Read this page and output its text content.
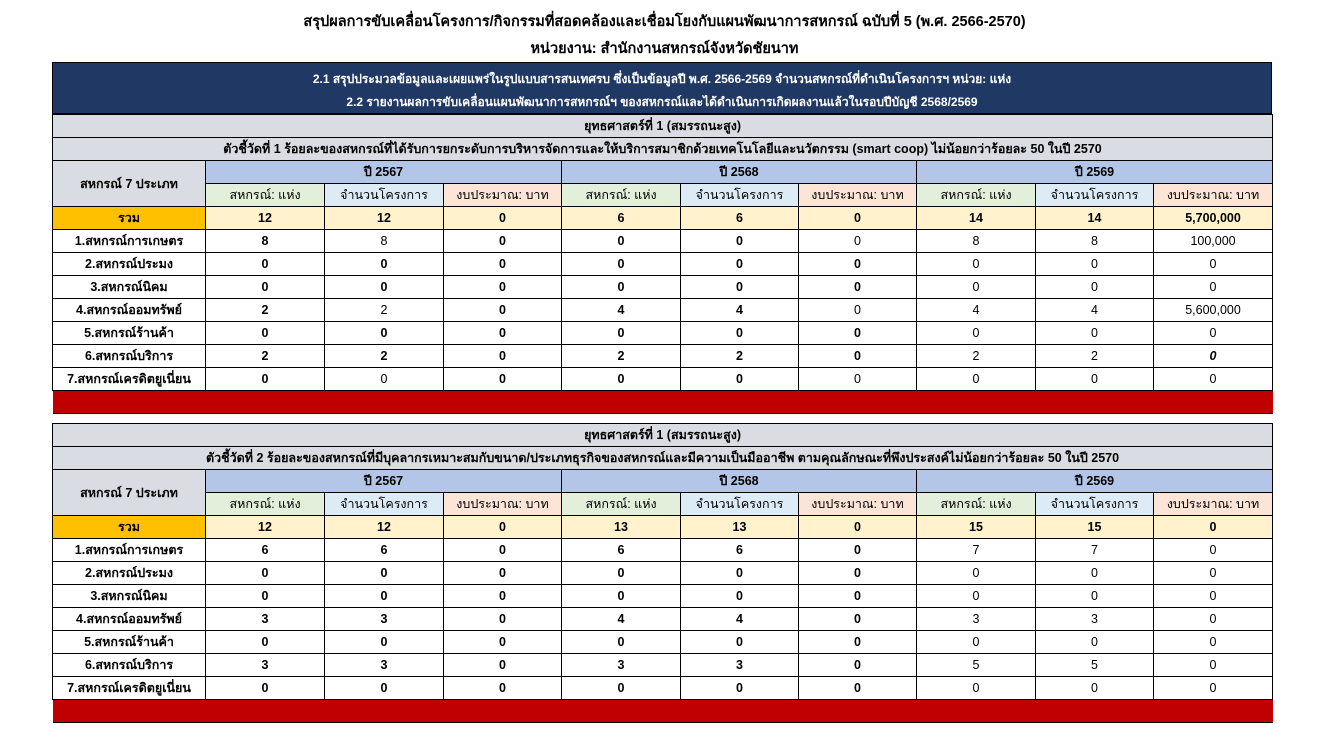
สรุปผลการขับเคลื่อนโครงการ/กิจกรรมที่สอดคล้องและเชื่อมโยงกับแผนพัฒนาการสหกรณ์ ฉบับที่ 5 (พ.ศ. 2566-2570)
หน่วยงาน: สำนักงานสหกรณ์จังหวัดชัยนาท
2.1 สรุปประมวลข้อมูลและเผยแพร่ในรูปแบบสารสนเทศรบ ซึ่งเป็นข้อมูลปี พ.ศ. 2566-2569 จำนวนสหกรณ์ที่ดำเนินโครงการฯ หน่วย: แห่ง
2.2 รายงานผลการขับเคลื่อนแผนพัฒนาการสหกรณ์ฯ ของสหกรณ์และได้ดำเนินการเกิดผลงานแล้วในรอบปีบัญชี 2568/2569
ยุทธศาสตร์ที่ 1 (สมรรถนะสูง)									
ตัวชี้วัดที่ 1 ร้อยละของสหกรณ์ที่ได้รับการยกระดับการบริหารจัดการและให้บริการสมาชิกด้วยเทคโนโลยีและนวัตกรรม (smart coop) ไม่น้อยกว่าร้อยละ 50 ในปี 2570									
สหกรณ์ 7 ประเภท	ปี 2567			ปี 2568			ปี 2569		
	สหกรณ์: แห่ง	จำนวนโครงการ	งบประมาณ: บาท	สหกรณ์: แห่ง	จำนวนโครงการ	งบประมาณ: บาท	สหกรณ์: แห่ง	จำนวนโครงการ	งบประมาณ: บาท
รวม	12	12	0	6	6	0	14	14	5,700,000
1.สหกรณ์การเกษตร	8	8	0	0	0	0	8	8	100,000
2.สหกรณ์ประมง	0	0	0	0	0	0	0	0	0
3.สหกรณ์นิคม	0	0	0	0	0	0	0	0	0
4.สหกรณ์ออมทรัพย์	2	2	0	4	4	0	4	4	5,600,000
5.สหกรณ์ร้านค้า	0	0	0	0	0	0	0	0	0
6.สหกรณ์บริการ	2	2	0	2	2	0	2	2	0
7.สหกรณ์เครดิตยูเนี่ยน	0	0	0	0	0	0	0	0	0

ยุทธศาสตร์ที่ 1 (สมรรถนะสูง)									
ตัวชี้วัดที่ 2 ร้อยละของสหกรณ์ที่มีบุคลากรเหมาะสมกับขนาด/ประเภทธุรกิจของสหกรณ์และมีความเป็นมืออาชีพ ตามคุณลักษณะที่พึงประสงค์ไม่น้อยกว่าร้อยละ 50 ในปี 2570									
สหกรณ์ 7 ประเภท	ปี 2567			ปี 2568			ปี 2569		
	สหกรณ์: แห่ง	จำนวนโครงการ	งบประมาณ: บาท	สหกรณ์: แห่ง	จำนวนโครงการ	งบประมาณ: บาท	สหกรณ์: แห่ง	จำนวนโครงการ	งบประมาณ: บาท
รวม	12	12	0	13	13	0	15	15	0
1.สหกรณ์การเกษตร	6	6	0	6	6	0	7	7	0
2.สหกรณ์ประมง	0	0	0	0	0	0	0	0	0
3.สหกรณ์นิคม	0	0	0	0	0	0	0	0	0
4.สหกรณ์ออมทรัพย์	3	3	0	4	4	0	3	3	0
5.สหกรณ์ร้านค้า	0	0	0	0	0	0	0	0	0
6.สหกรณ์บริการ	3	3	0	3	3	0	5	5	0
7.สหกรณ์เครดิตยูเนี่ยน	0	0	0	0	0	0	0	0	0
